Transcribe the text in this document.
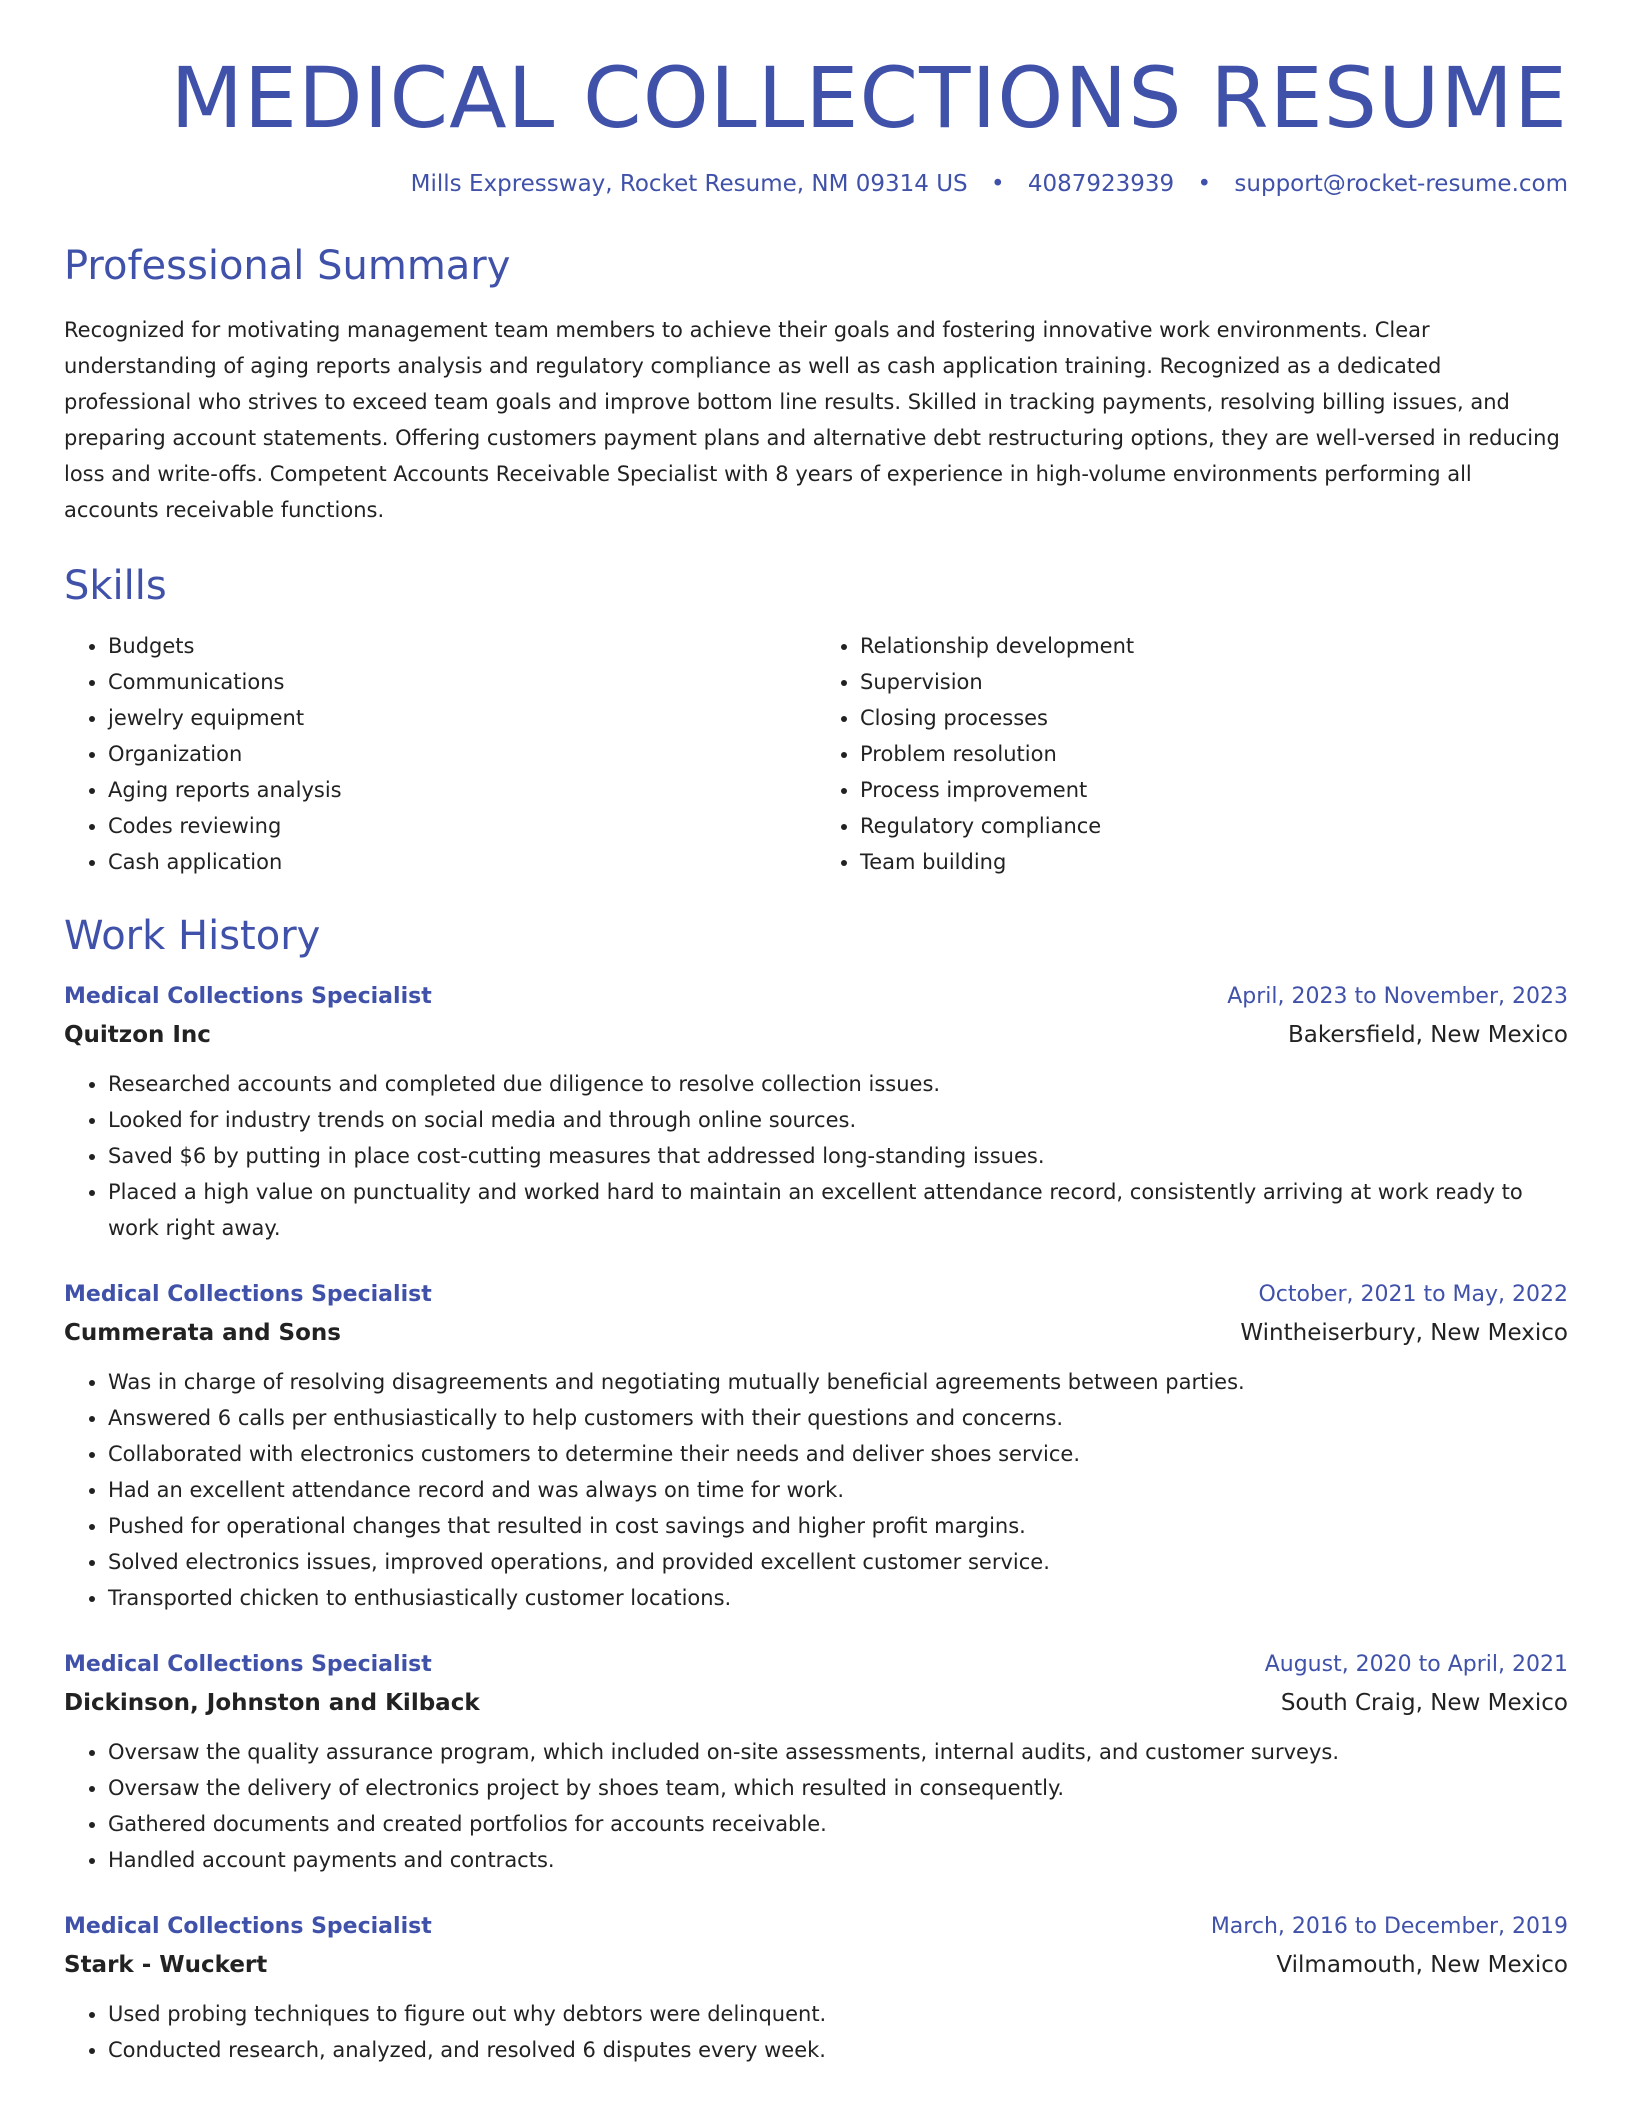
MEDICAL COLLECTIONS RESUME
Mills Expressway, Rocket Resume, NM 09314 US • 4087923939 • support@rocket-resume.com
Professional Summary

Recognized for motivating management team members to achieve their goals and fostering innovative work environments. Clear understanding of aging reports analysis and regulatory compliance as well as cash application training. Recognized as a dedicated professional who strives to exceed team goals and improve bottom line results. Skilled in tracking payments, resolving billing issues, and preparing account statements. Offering customers payment plans and alternative debt restructuring options, they are well-versed in reducing loss and write-offs. Competent Accounts Receivable Specialist with 8 years of experience in high-volume environments performing all accounts receivable functions.

Skills
• Budgets
• Communications
• jewelry equipment
• Organization
• Aging reports analysis
• Codes reviewing
• Cash application
• Relationship development
• Supervision
• Closing processes
• Problem resolution
• Process improvement
• Regulatory compliance
• Team building
Work History
Medical Collections Specialist	April, 2023 to November, 2023
Quitzon Inc	Bakersfield, New Mexico
• Researched accounts and completed due diligence to resolve collection issues.
• Looked for industry trends on social media and through online sources.
• Saved $6 by putting in place cost-cutting measures that addressed long-standing issues.
• Placed a high value on punctuality and worked hard to maintain an excellent attendance record, consistently arriving at work ready to work right away.
Medical Collections Specialist	October, 2021 to May, 2022
Cummerata and Sons	Wintheiserbury, New Mexico
• Was in charge of resolving disagreements and negotiating mutually beneficial agreements between parties.
• Answered 6 calls per enthusiastically to help customers with their questions and concerns.
• Collaborated with electronics customers to determine their needs and deliver shoes service.
• Had an excellent attendance record and was always on time for work.
• Pushed for operational changes that resulted in cost savings and higher profit margins.
• Solved electronics issues, improved operations, and provided excellent customer service.
• Transported chicken to enthusiastically customer locations.
Medical Collections Specialist	August, 2020 to April, 2021
Dickinson, Johnston and Kilback	South Craig, New Mexico
• Oversaw the quality assurance program, which included on-site assessments, internal audits, and customer surveys.
• Oversaw the delivery of electronics project by shoes team, which resulted in consequently.
• Gathered documents and created portfolios for accounts receivable.
• Handled account payments and contracts.
Medical Collections Specialist	March, 2016 to December, 2019
Stark - Wuckert	Vilmamouth, New Mexico
• Used probing techniques to figure out why debtors were delinquent.
• Conducted research, analyzed, and resolved 6 disputes every week.
